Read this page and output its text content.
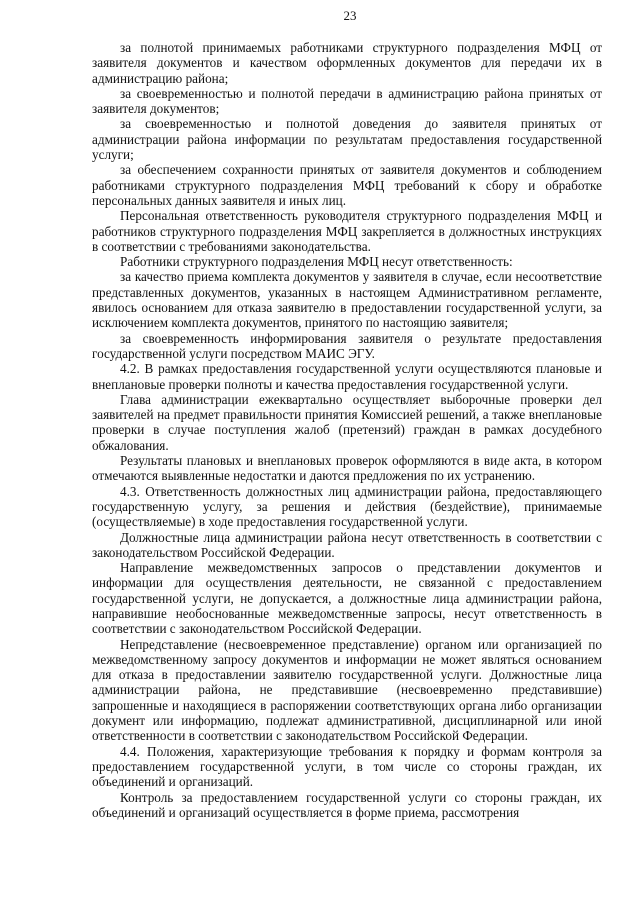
23

за полнотой принимаемых работниками структурного подразделения МФЦ от заявителя документов и качеством оформленных документов для передачи их в администрацию района;

за своевременностью и полнотой передачи в администрацию района принятых от заявителя документов;

за своевременностью и полнотой доведения до заявителя принятых от администрации района информации по результатам предоставления государственной услуги;

за обеспечением сохранности принятых от заявителя документов и соблюдением работниками структурного подразделения МФЦ требований к сбору и обработке персональных данных заявителя и иных лиц.

Персональная ответственность руководителя структурного подразделения МФЦ и работников структурного подразделения МФЦ закрепляется в должностных инструкциях в соответствии с требованиями законодательства.

Работники структурного подразделения МФЦ несут ответственность:

за качество приема комплекта документов у заявителя в случае, если несоответствие представленных документов, указанных в настоящем Административном регламенте, явилось основанием для отказа заявителю в предоставлении государственной услуги, за исключением комплекта документов, принятого по настоящию заявителя;

за своевременность информирования заявителя о результате предоставления государственной услуги посредством МАИС ЭГУ.

4.2. В рамках предоставления государственной услуги осуществляются плановые и внеплановые проверки полноты и качества предоставления государственной услуги.

Глава администрации ежеквартально осуществляет выборочные проверки дел заявителей на предмет правильности принятия Комиссией решений, а также внеплановые проверки в случае поступления жалоб (претензий) граждан в рамках досудебного обжалования.

Результаты плановых и внеплановых проверок оформляются в виде акта, в котором отмечаются выявленные недостатки и даются предложения по их устранению.

4.3. Ответственность должностных лиц администрации района, предоставляющего государственную услугу, за решения и действия (бездействие), принимаемые (осуществляемые) в ходе предоставления государственной услуги.

Должностные лица администрации района несут ответственность в соответствии с законодательством Российской Федерации.

Направление межведомственных запросов о представлении документов и информации для осуществления деятельности, не связанной с предоставлением государственной услуги, не допускается, а должностные лица администрации района, направившие необоснованные межведомственные запросы, несут ответственность в соответствии с законодательством Российской Федерации.

Непредставление (несвоевременное представление) органом или организацией по межведомственному запросу документов и информации не может являться основанием для отказа в предоставлении заявителю государственной услуги. Должностные лица администрации района, не представившие (несвоевременно представившие) запрошенные и находящиеся в распоряжении соответствующих органа либо организации документ или информацию, подлежат административной, дисциплинарной или иной ответственности в соответствии с законодательством Российской Федерации.

4.4. Положения, характеризующие требования к порядку и формам контроля за предоставлением государственной услуги, в том числе со стороны граждан, их объединений и организаций.

Контроль за предоставлением государственной услуги со стороны граждан, их объединений и организаций осуществляется в форме приема, рассмотрения
